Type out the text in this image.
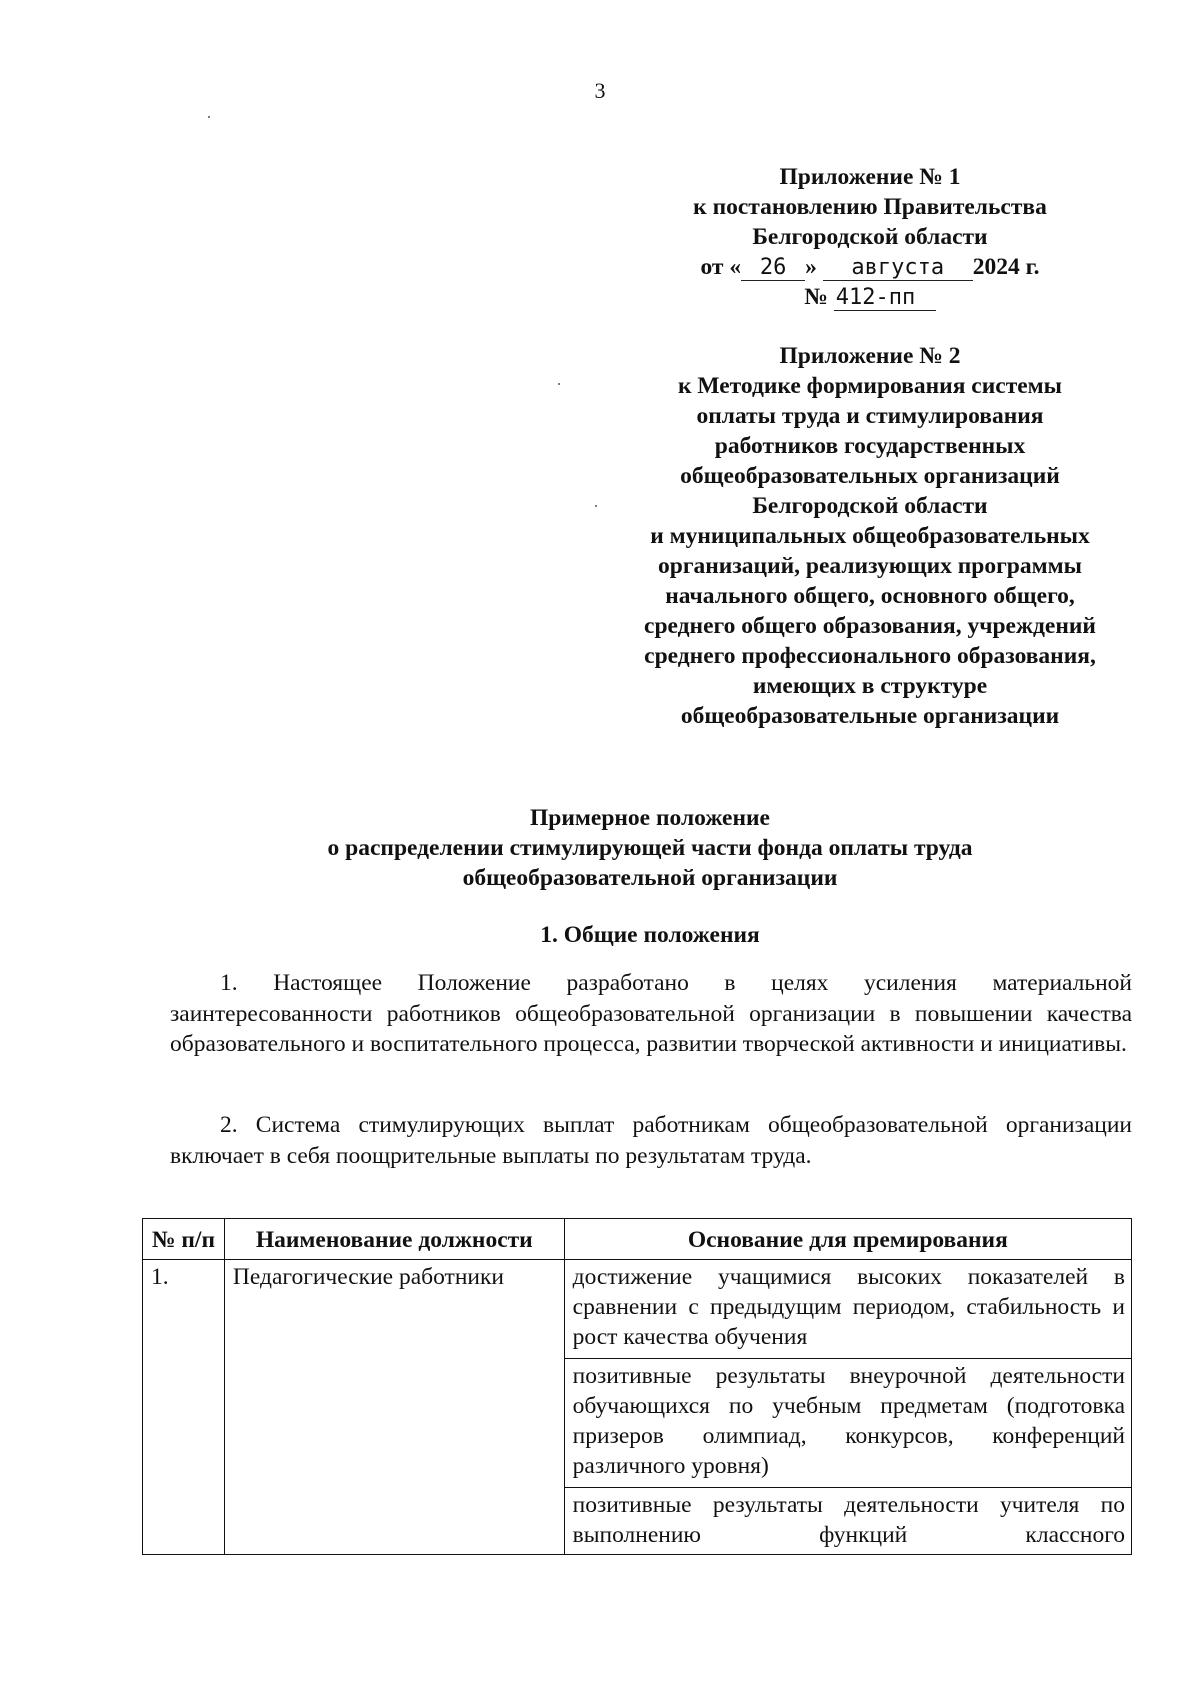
3
Приложение № 1
к постановлению Правительства
Белгородской области
от « 26 » августа 2024 г.
№ 412-пп
Приложение № 2
к Методике формирования системы
оплаты труда и стимулирования
работников государственных
общеобразовательных организаций
Белгородской области
и муниципальных общеобразовательных
организаций, реализующих программы
начального общего, основного общего,
среднего общего образования, учреждений
среднего профессионального образования,
имеющих в структуре
общеобразовательные организации
Примерное положение
о распределении стимулирующей части фонда оплаты труда
общеобразовательной организации
1. Общие положения
1. Настоящее Положение разработано в целях усиления материальной заинтересованности работников общеобразовательной организации в повышении качества образовательного и воспитательного процесса, развитии творческой активности и инициативы.
2. Система стимулирующих выплат работникам общеобразовательной организации включает в себя поощрительные выплаты по результатам труда.
№ п/п	Наименование должности	Основание для премирования
1.	Педагогические работники	достижение учащимися высоких показателей в сравнении с предыдущим периодом, стабильность и рост качества обучения
		позитивные результаты внеурочной деятельности обучающихся по учебным предметам (подготовка призеров олимпиад, конкурсов, конференций различного уровня)
		позитивные результаты деятельности учителя по выполнению функций классного
